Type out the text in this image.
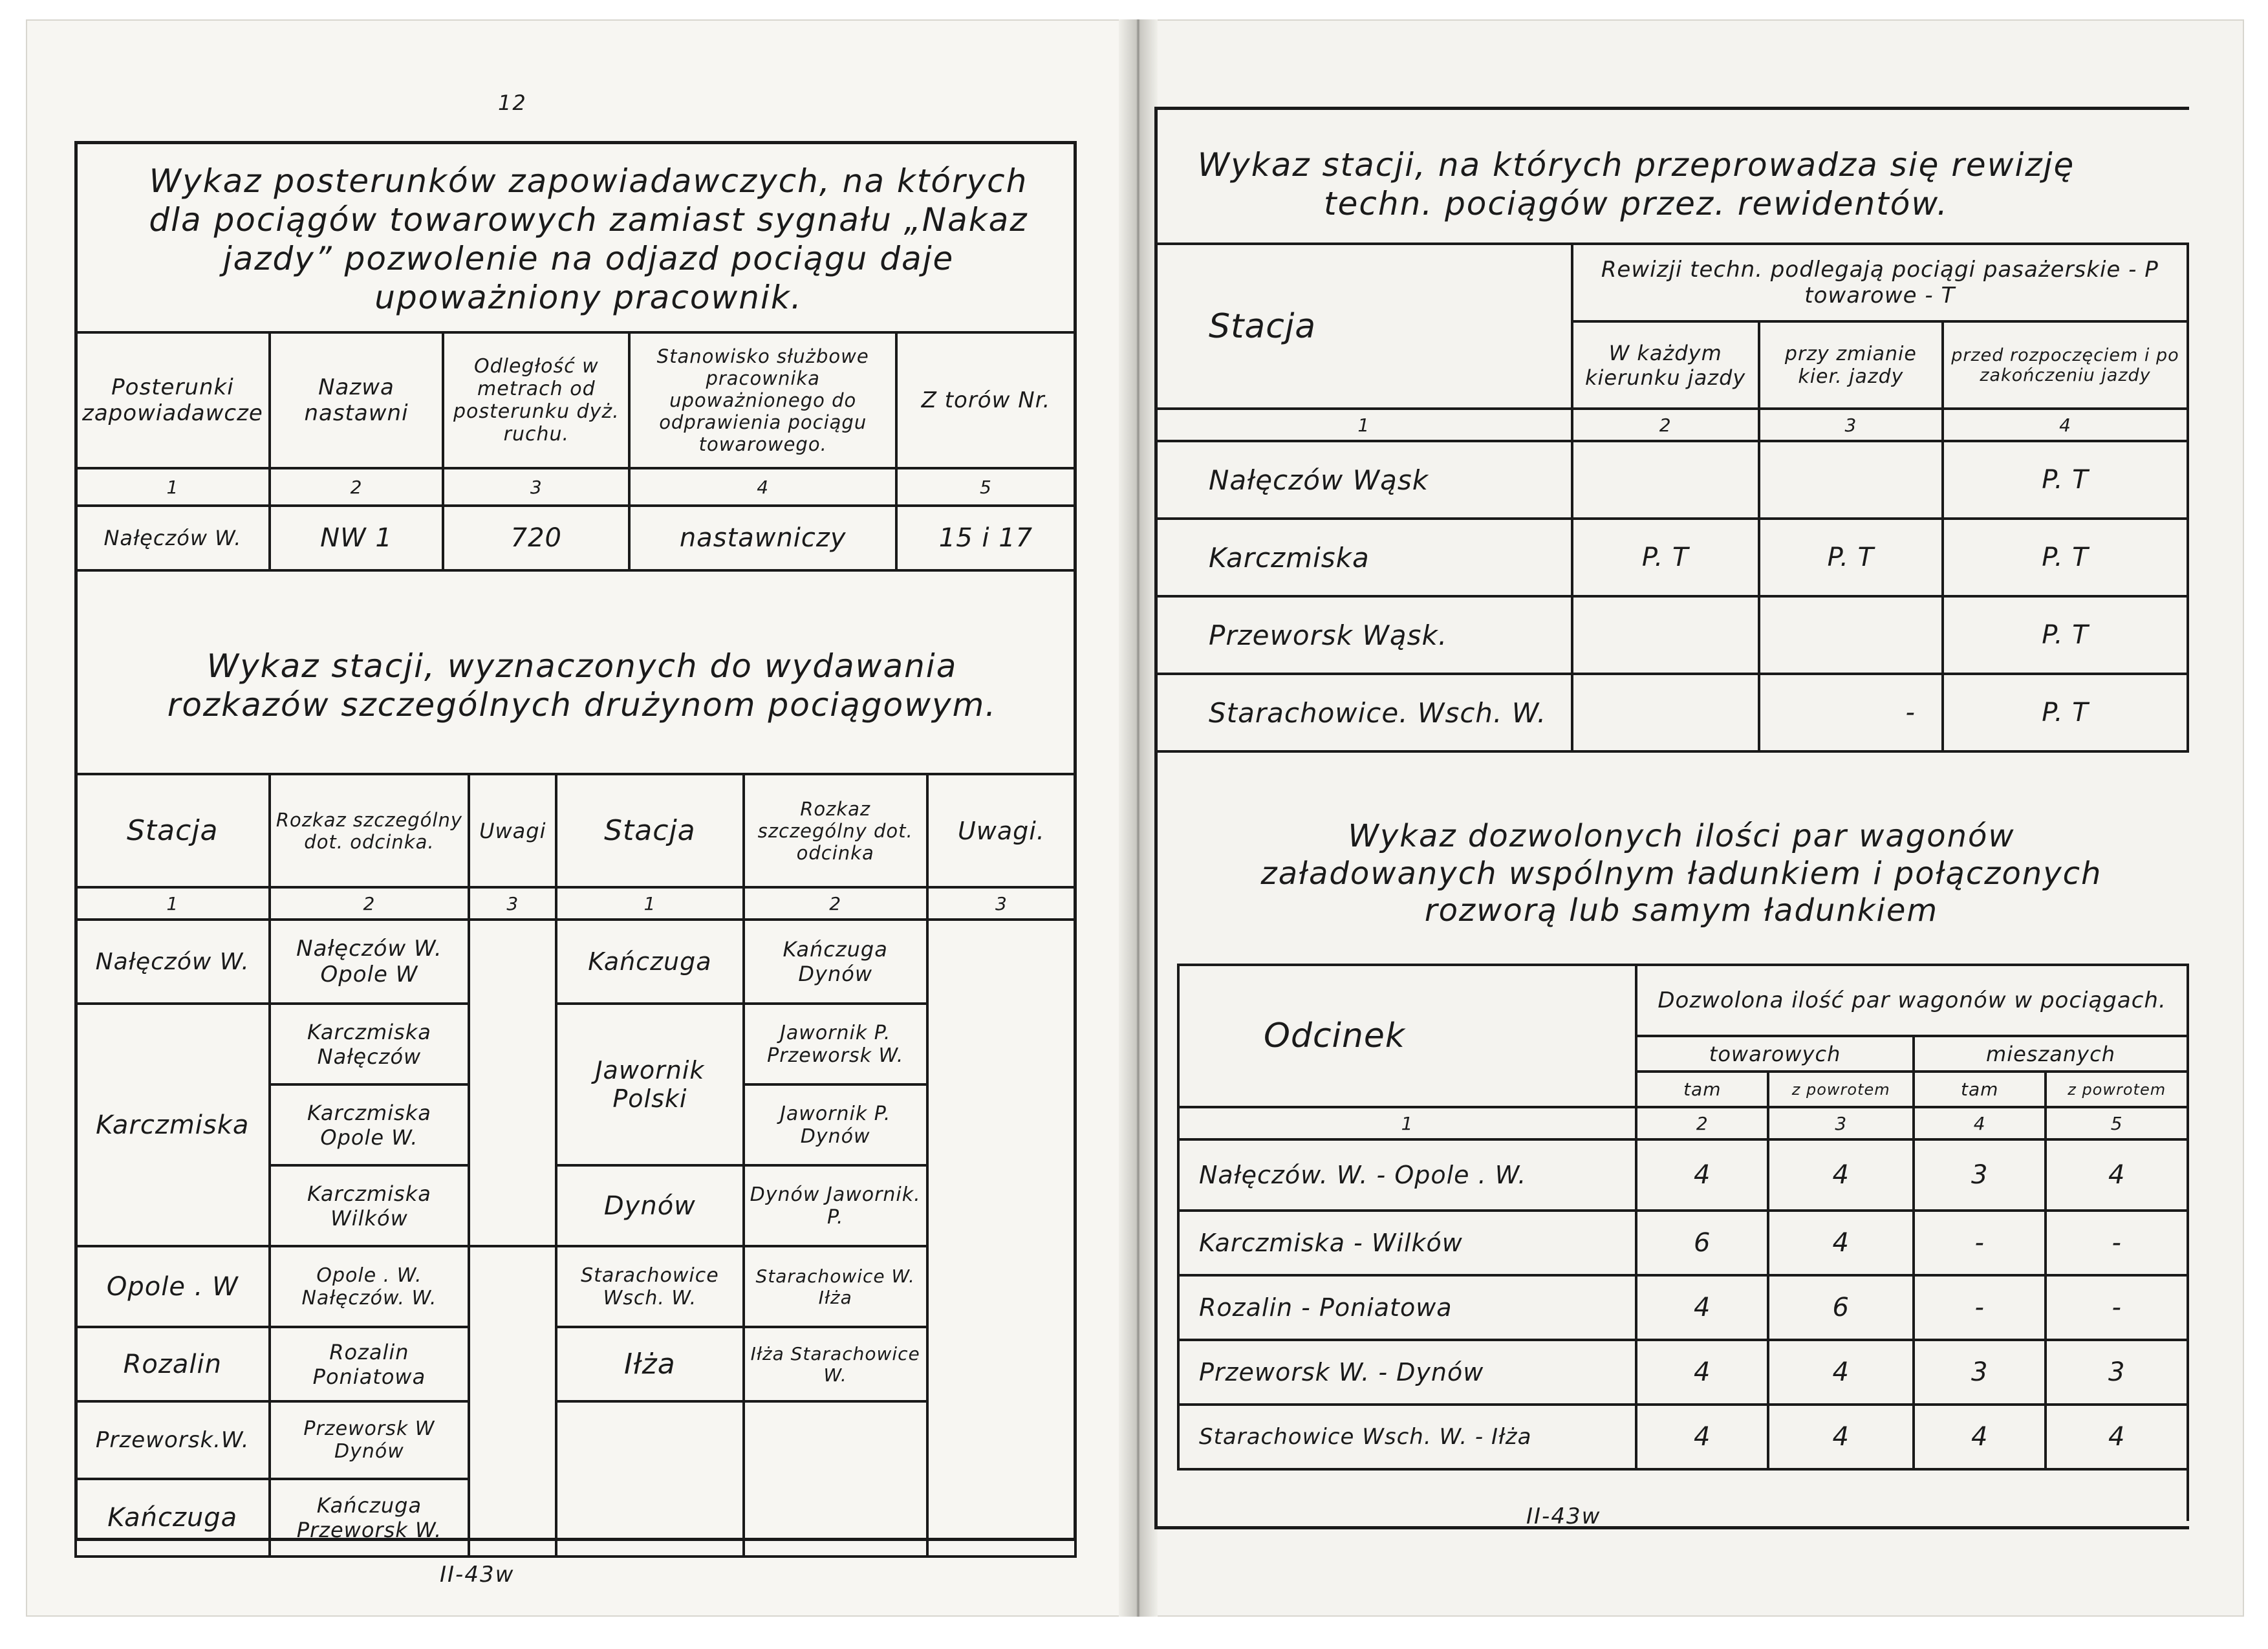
12
Wykaz posterunków zapowiadawczych, na których dla pociągów towarowych zamiast sygnału „Nakaz jazdy” pozwolenie na odjazd pociągu daje upoważniony pracownik.
Posterunki zapowiadawcze	Nazwa nastawni	Odległość w metrach od posterunku dyż. ruchu.	Stanowisko służbowe pracownika upoważnionego do odprawienia pociągu towarowego.	Z torów Nr.
1	2	3	4	5
Nałęczów W.	NW 1	720	nastawniczy	15 i 17
Wykaz stacji, wyznaczonych do wydawania rozkazów szczególnych drużynom pociągowym.
Stacja	Rozkaz szczególny dot. odcinka.	Uwagi	Stacja	Rozkaz szczególny dot. odcinka	Uwagi.
1	2	3	1	2	3
Nałęczów W.	Nałęczów W. Opole W		Kańczuga	Kańczuga Dynów	
Karczmiska	Karczmiska Nałęczów		Jawornik Polski	Jawornik P. Przeworsk W.	
	Karczmiska Opole W.			Jawornik P. Dynów	
	Karczmiska Wilków		Dynów	Dynów Jawornik. P.	
Opole . W	Opole . W. Nałęczów. W.		Starachowice Wsch. W.	Starachowice W. Iłża	
Rozalin	Rozalin Poniatowa		Iłża	Iłża Starachowice W.	
Przeworsk.W.	Przeworsk W Dynów				
Kańczuga	Kańczuga Przeworsk W.				
II-43w
Wykaz stacji, na których przeprowadza się rewizję techn. pociągów przez. rewidentów.
Stacja	Rewizji techn. podlegają pociągi pasażerskie - P towarowe - T		
	W każdym kierunku jazdy	przy zmianie kier. jazdy	przed rozpoczęciem i po zakończeniu jazdy
1	2	3	4
Nałęczów Wąsk			P. T
Karczmiska	P. T	P. T	P. T
Przeworsk Wąsk.			P. T
Starachowice. Wsch. W.		-	P. T
Wykaz dozwolonych ilości par wagonów załadowanych wspólnym ładunkiem i połączonych rozworą lub samym ładunkiem
Odcinek	Dozwolona ilość par wagonów w pociągach.			
	towarowych		mieszanych	
	tam	z powrotem	tam	z powrotem
1	2	3	4	5
Nałęczów. W. - Opole . W.	4	4	3	4
Karczmiska - Wilków	6	4	-	-
Rozalin - Poniatowa	4	6	-	-
Przeworsk W. - Dynów	4	4	3	3
Starachowice Wsch. W. - Iłża	4	4	4	4

II-43w
